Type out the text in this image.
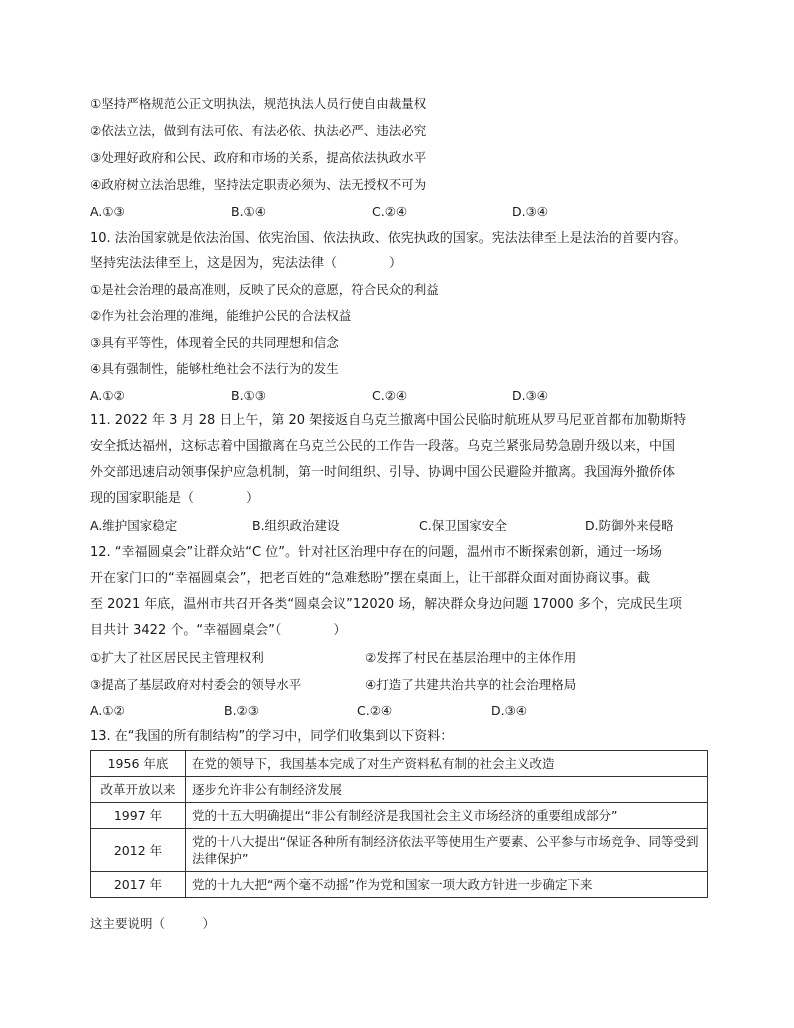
①坚持严格规范公正文明执法，规范执法人员行使自由裁量权
②依法立法，做到有法可依、有法必依、执法必严、违法必究
③处理好政府和公民、政府和市场的关系，提高依法执政水平
④政府树立法治思维，坚持法定职责必须为、法无授权不可为
A.①③	B.①④	C.②④	D.③④
10. 法治国家就是依法治国、依宪治国、依法执政、依宪执政的国家。宪法法律至上是法治的首要内容。
坚持宪法法律至上，这是因为，宪法法律（　　　　）
①是社会治理的最高准则，反映了民众的意愿，符合民众的利益
②作为社会治理的准绳，能维护公民的合法权益
③具有平等性，体现着全民的共同理想和信念
④具有强制性，能够杜绝社会不法行为的发生
A.①②	B.①③	C.②④	D.③④
11. 2022 年 3 月 28 日上午，第 20 架接返自乌克兰撤离中国公民临时航班从罗马尼亚首都布加勒斯特
安全抵达福州，这标志着中国撤离在乌克兰公民的工作告一段落。乌克兰紧张局势急剧升级以来，中国
外交部迅速启动领事保护应急机制，第一时间组织、引导、协调中国公民避险并撤离。我国海外撤侨体
现的国家职能是（　　　　）
A.维护国家稳定	B.组织政治建设	C.保卫国家安全	D.防御外来侵略
12. “幸福圆桌会”让群众站“C 位”。针对社区治理中存在的问题，温州市不断探索创新，通过一场场
开在家门口的“幸福圆桌会”，把老百姓的“急难愁盼”摆在桌面上，让干部群众面对面协商议事。截
至 2021 年底，温州市共召开各类“圆桌会议”12020 场，解决群众身边问题 17000 多个，完成民生项
目共计 3422 个。“幸福圆桌会”（　　　　）
①扩大了社区居民民主管理权利	②发挥了村民在基层治理中的主体作用
③提高了基层政府对村委会的领导水平	④打造了共建共治共享的社会治理格局
A.①②	B.②③	C.②④	D.③④
13. 在“我国的所有制结构”的学习中，同学们收集到以下资料：
1956 年底	在党的领导下，我国基本完成了对生产资料私有制的社会主义改造
改革开放以来	逐步允许非公有制经济发展
1997 年	党的十五大明确提出“非公有制经济是我国社会主义市场经济的重要组成部分”
2012 年	党的十八大提出“保证各种所有制经济依法平等使用生产要素、公平参与市场竞争、同等受到法律保护”
2017 年	党的十九大把“两个毫不动摇”作为党和国家一项大政方针进一步确定下来
这主要说明（　　　）
